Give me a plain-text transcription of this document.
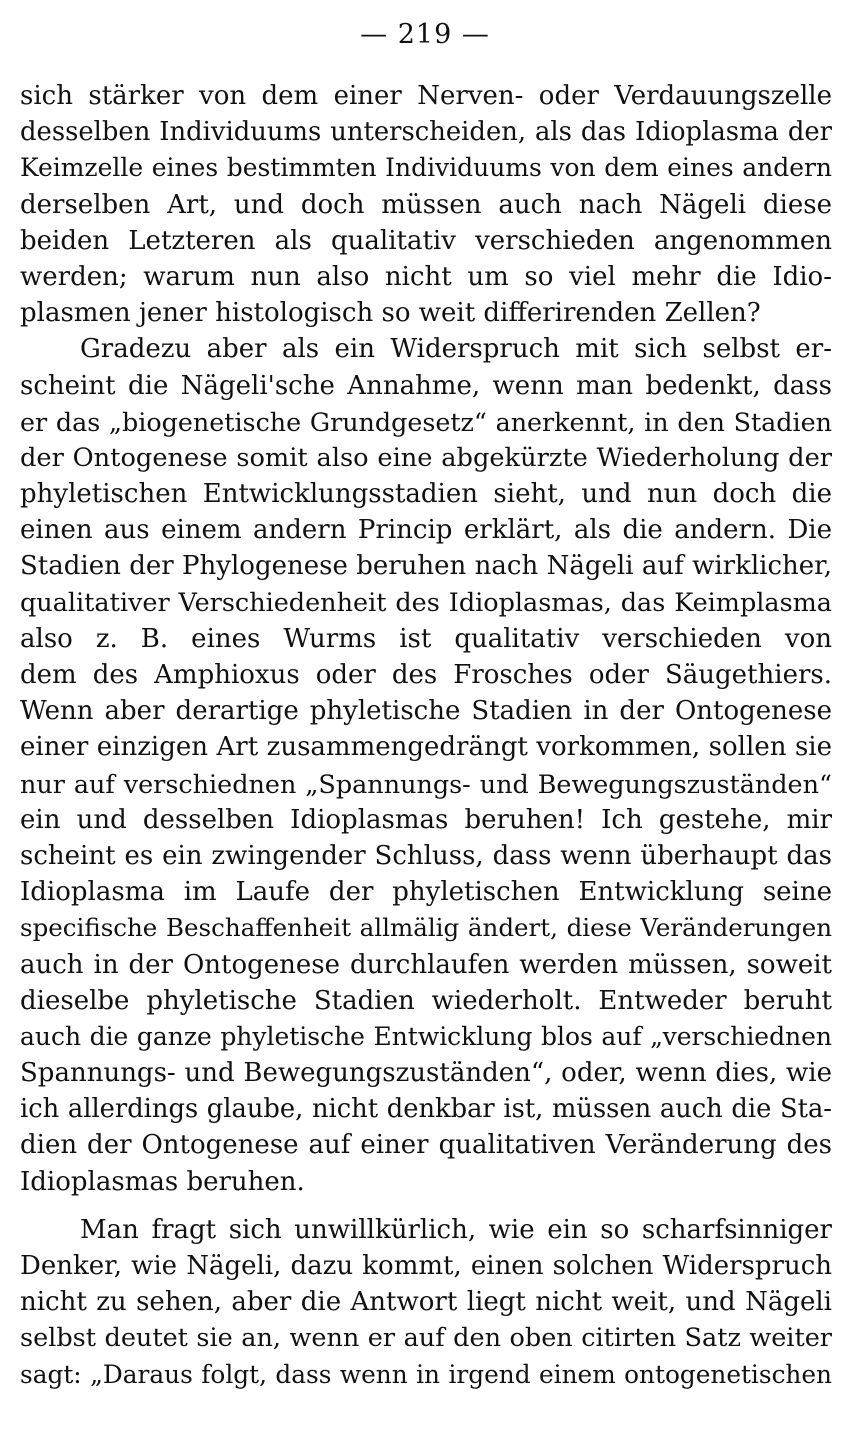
— 219 —
sich stärker von dem einer Nerven- oder Verdauungszelle
desselben Individuums unterscheiden, als das Idioplasma der
Keimzelle eines bestimmten Individuums von dem eines andern
derselben Art, und doch müssen auch nach Nägeli diese
beiden Letzteren als qualitativ verschieden angenommen
werden; warum nun also nicht um so viel mehr die Idio-
plasmen jener histologisch so weit differirenden Zellen?
Gradezu aber als ein Widerspruch mit sich selbst er-
scheint die Nägeli'sche Annahme, wenn man bedenkt, dass
er das „biogenetische Grundgesetz“ anerkennt, in den Stadien
der Ontogenese somit also eine abgekürzte Wiederholung der
phyletischen Entwicklungsstadien sieht, und nun doch die
einen aus einem andern Princip erklärt, als die andern. Die
Stadien der Phylogenese beruhen nach Nägeli auf wirklicher,
qualitativer Verschiedenheit des Idioplasmas, das Keimplasma
also z. B. eines Wurms ist qualitativ verschieden von
dem des Amphioxus oder des Frosches oder Säugethiers.
Wenn aber derartige phyletische Stadien in der Ontogenese
einer einzigen Art zusammengedrängt vorkommen, sollen sie
nur auf verschiednen „Spannungs- und Bewegungszuständen“
ein und desselben Idioplasmas beruhen! Ich gestehe, mir
scheint es ein zwingender Schluss, dass wenn überhaupt das
Idioplasma im Laufe der phyletischen Entwicklung seine
specifische Beschaffenheit allmälig ändert, diese Veränderungen
auch in der Ontogenese durchlaufen werden müssen, soweit
dieselbe phyletische Stadien wiederholt. Entweder beruht
auch die ganze phyletische Entwicklung blos auf „verschiednen
Spannungs- und Bewegungszuständen“, oder, wenn dies, wie
ich allerdings glaube, nicht denkbar ist, müssen auch die Sta-
dien der Ontogenese auf einer qualitativen Veränderung des
Idioplasmas beruhen.
Man fragt sich unwillkürlich, wie ein so scharfsinniger
Denker, wie Nägeli, dazu kommt, einen solchen Widerspruch
nicht zu sehen, aber die Antwort liegt nicht weit, und Nägeli
selbst deutet sie an, wenn er auf den oben citirten Satz weiter
sagt: „Daraus folgt, dass wenn in irgend einem ontogenetischen
